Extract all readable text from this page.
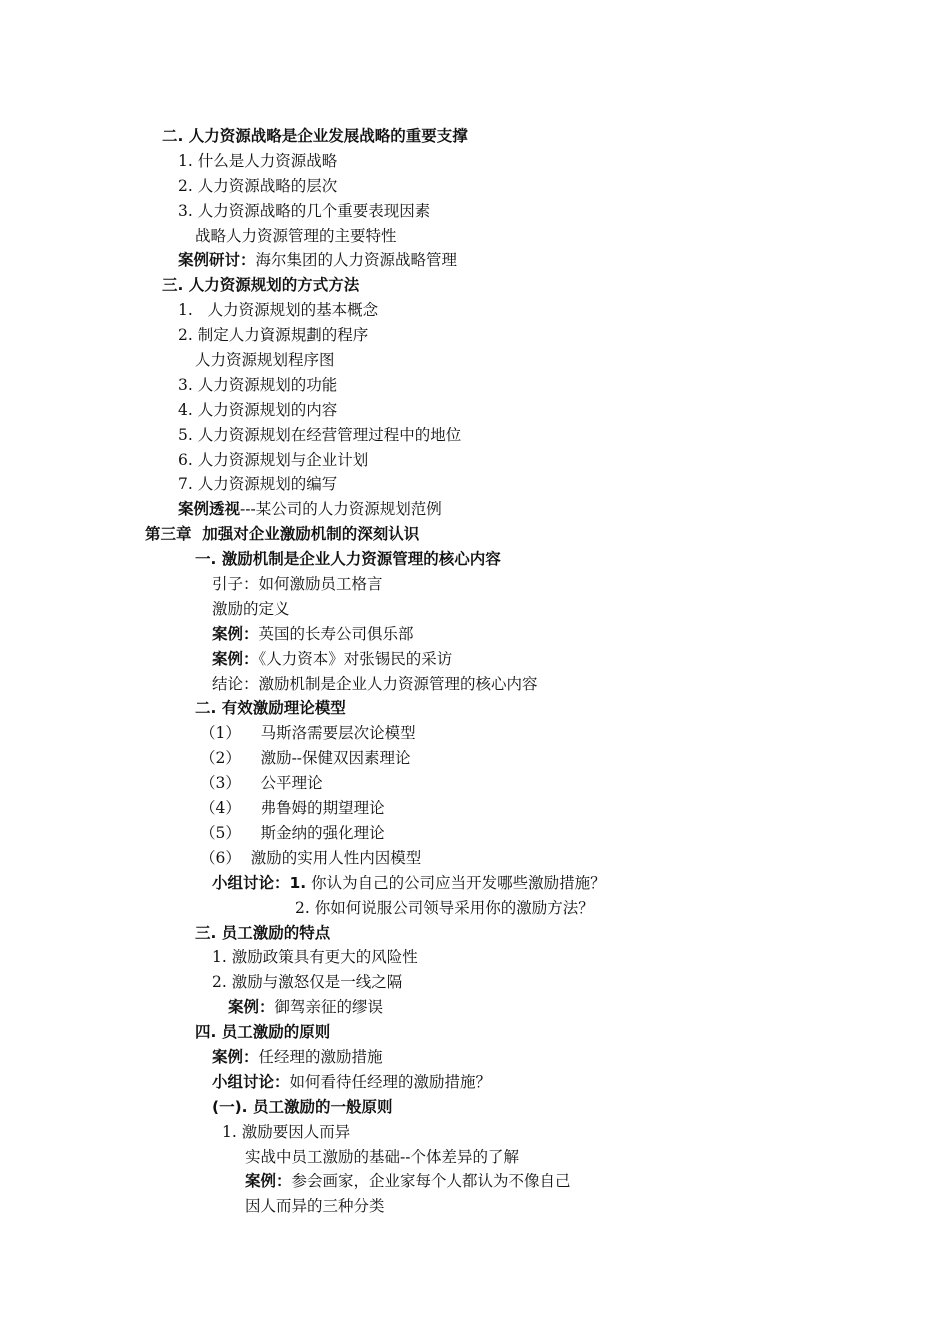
二. 人力资源战略是企业发展战略的重要支撑
1. 什么是人力资源战略
2. 人力资源战略的层次
3. 人力资源战略的几个重要表现因素
战略人力资源管理的主要特性
案例研讨：海尔集团的人力资源战略管理
三. 人力资源规划的方式方法
1.   人力资源规划的基本概念
2. 制定人力資源規劃的程序
人力资源规划程序图
3. 人力资源规划的功能
4. 人力资源规划的内容
5. 人力资源规划在经营管理过程中的地位
6. 人力资源规划与企业计划
7. 人力资源规划的编写
案例透视---某公司的人力资源规划范例
第三章  加强对企业激励机制的深刻认识
一. 激励机制是企业人力资源管理的核心内容
引子：如何激励员工格言
激励的定义
案例：英国的长寿公司俱乐部
案例：《人力资本》对张锡民的采访
结论：激励机制是企业人力资源管理的核心内容
二. 有效激励理论模型
（1）    马斯洛需要层次论模型
（2）    激励--保健双因素理论
（3）    公平理论
（4）    弗鲁姆的期望理论
（5）    斯金纳的强化理论
（6）  激励的实用人性内因模型
小组讨论：1. 你认为自己的公司应当开发哪些激励措施？
2. 你如何说服公司领导采用你的激励方法？
三. 员工激励的特点
1. 激励政策具有更大的风险性
2. 激励与激怒仅是一线之隔
案例：御驾亲征的缪误
四. 员工激励的原则
案例：任经理的激励措施
小组讨论：如何看待任经理的激励措施？
(一). 员工激励的一般原则
1. 激励要因人而异
实战中员工激励的基础--个体差异的了解
案例：参会画家，企业家每个人都认为不像自己
因人而异的三种分类
